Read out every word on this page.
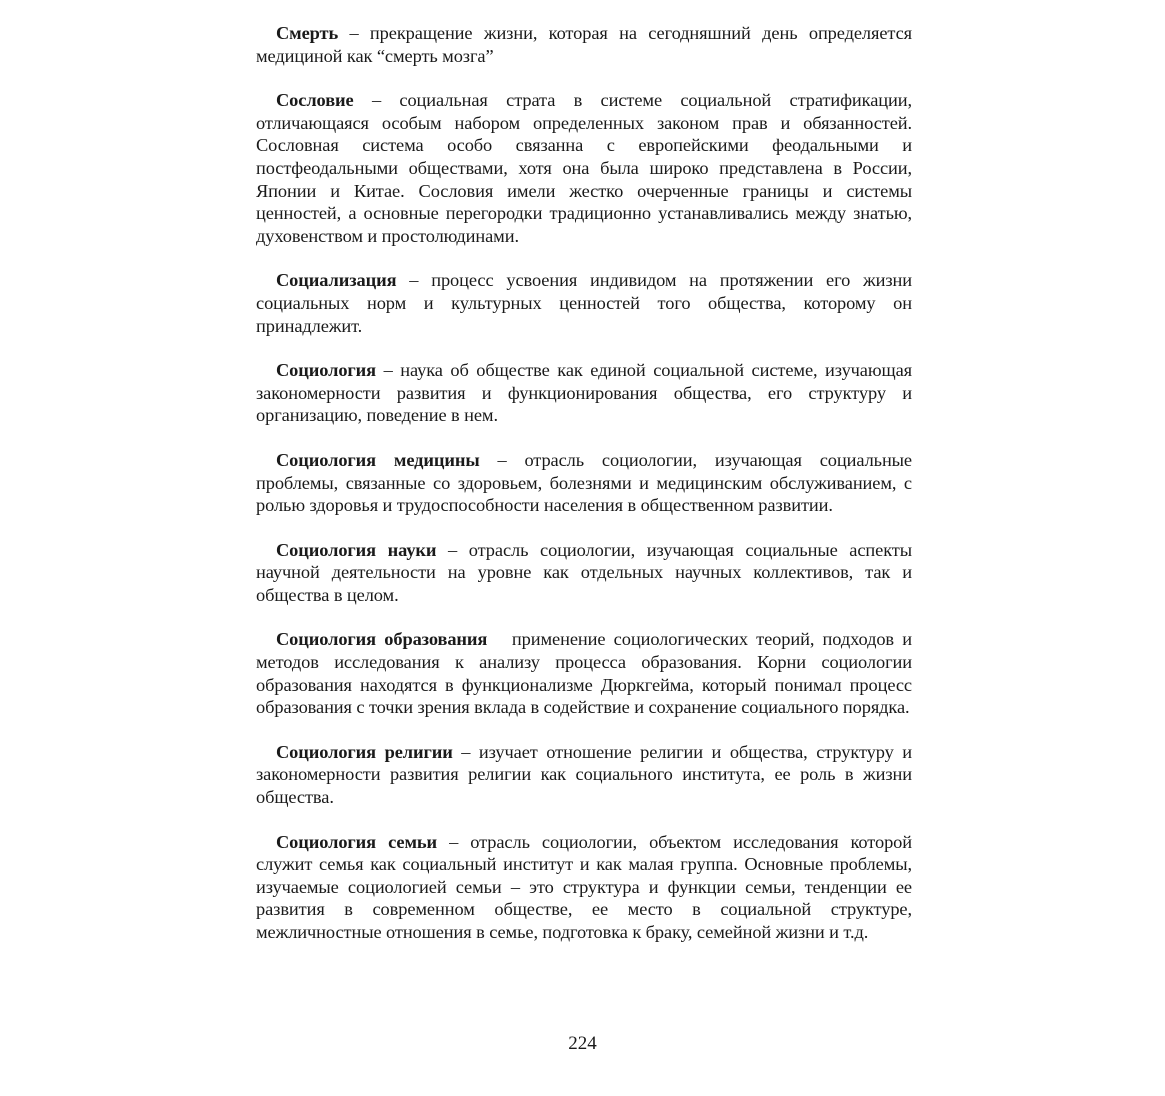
Смерть – прекращение жизни, которая на сегодняшний день определяется медициной как “смерть мозга”

Сословие – социальная страта в системе социальной стратификации, отличающаяся особым набором определенных законом прав и обязанностей. Сословная система особо связанна с европейскими феодальными и постфеодальными обществами, хотя она была широко представлена в России, Японии и Китае. Сословия имели жестко очерченные границы и системы ценностей, а основные перегородки традиционно устанавливались между знатью, духовенством и простолюдинами.

Социализация – процесс усвоения индивидом на протяжении его жизни социальных норм и культурных ценностей того общества, которому он принадлежит.

Социология – наука об обществе как единой социальной системе, изучающая закономерности развития и функционирования общества, его структуру и организацию, поведение в нем.

Социология медицины – отрасль социологии, изучающая социальные проблемы, связанные со здоровьем, болезнями и медицинским обслуживанием, с ролью здоровья и трудоспособности населения в общественном развитии.

Социология науки – отрасль социологии, изучающая социальные аспекты научной деятельности на уровне как отдельных научных коллективов, так и общества в целом.

Социология образования   применение социологических теорий, подходов и методов исследования к анализу процесса образования. Корни социологии образования находятся в функционализме Дюркгейма, который понимал процесс образования с точки зрения вклада в содействие и сохранение социального порядка.

Социология религии – изучает отношение религии и общества, структуру и закономерности развития религии как социального института, ее роль в жизни общества.

Социология семьи – отрасль социологии, объектом исследования которой служит семья как социальный институт и как малая группа. Основные проблемы, изучаемые социологией семьи – это структура и функции семьи, тенденции ее развития в современном обществе, ее место в социальной структуре, межличностные отношения в семье, подготовка к браку, семейной жизни и т.д.

224
